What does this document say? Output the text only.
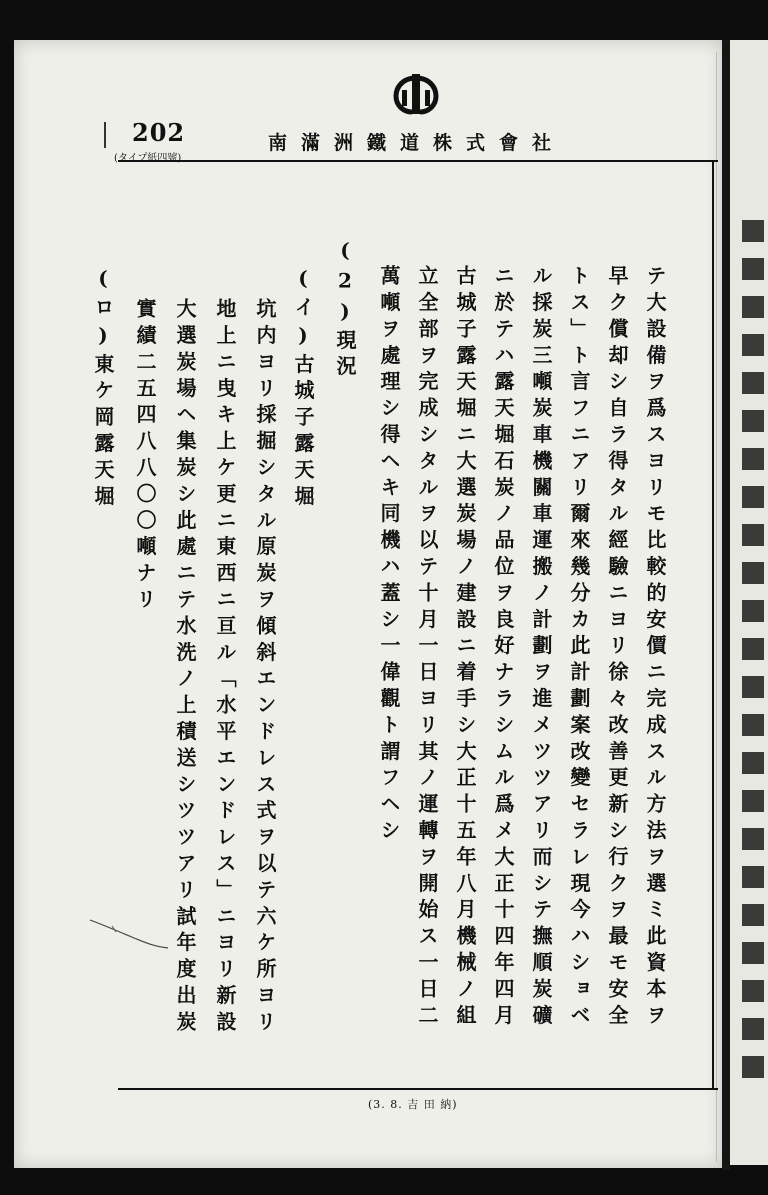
202
(タイプ紙四號)
南滿洲鐵道株式會社
テ大設備ヲ爲スヨリモ比較的安價ニ完成スル方法ヲ選ミ此資本ヲ
早ク償却シ自ラ得タル經驗ニヨリ徐々改善更新シ行クヲ最モ安全
トス」ト言フニアリ爾來幾分カ此計劃案改變セラレ現今ハショベ
ル採炭三噸炭車機關車運搬ノ計劃ヲ進メツツアリ而シテ撫順炭礦
ニ於テハ露天堀石炭ノ品位ヲ良好ナラシムル爲メ大正十四年四月
古城子露天堀ニ大選炭場ノ建設ニ着手シ大正十五年八月機械ノ組
立全部ヲ完成シタルヲ以テ十月一日ヨリ其ノ運轉ヲ開始ス一日二
萬噸ヲ處理シ得ヘキ同機ハ蓋シ一偉觀ト謂フヘシ
(2)現況
(イ)古城子露天堀
坑内ヨリ採掘シタル原炭ヲ傾斜エンドレス式ヲ以テ六ケ所ヨリ
地上ニ曳キ上ケ更ニ東西ニ亘ル「水平エンドレス」ニヨリ新設
大選炭場ヘ集炭シ此處ニテ水洗ノ上積送シツツアリ試年度出炭
實績二五四八八〇〇噸ナリ
(ロ)東ケ岡露天堀
(3. 8. 吉 田 納)
